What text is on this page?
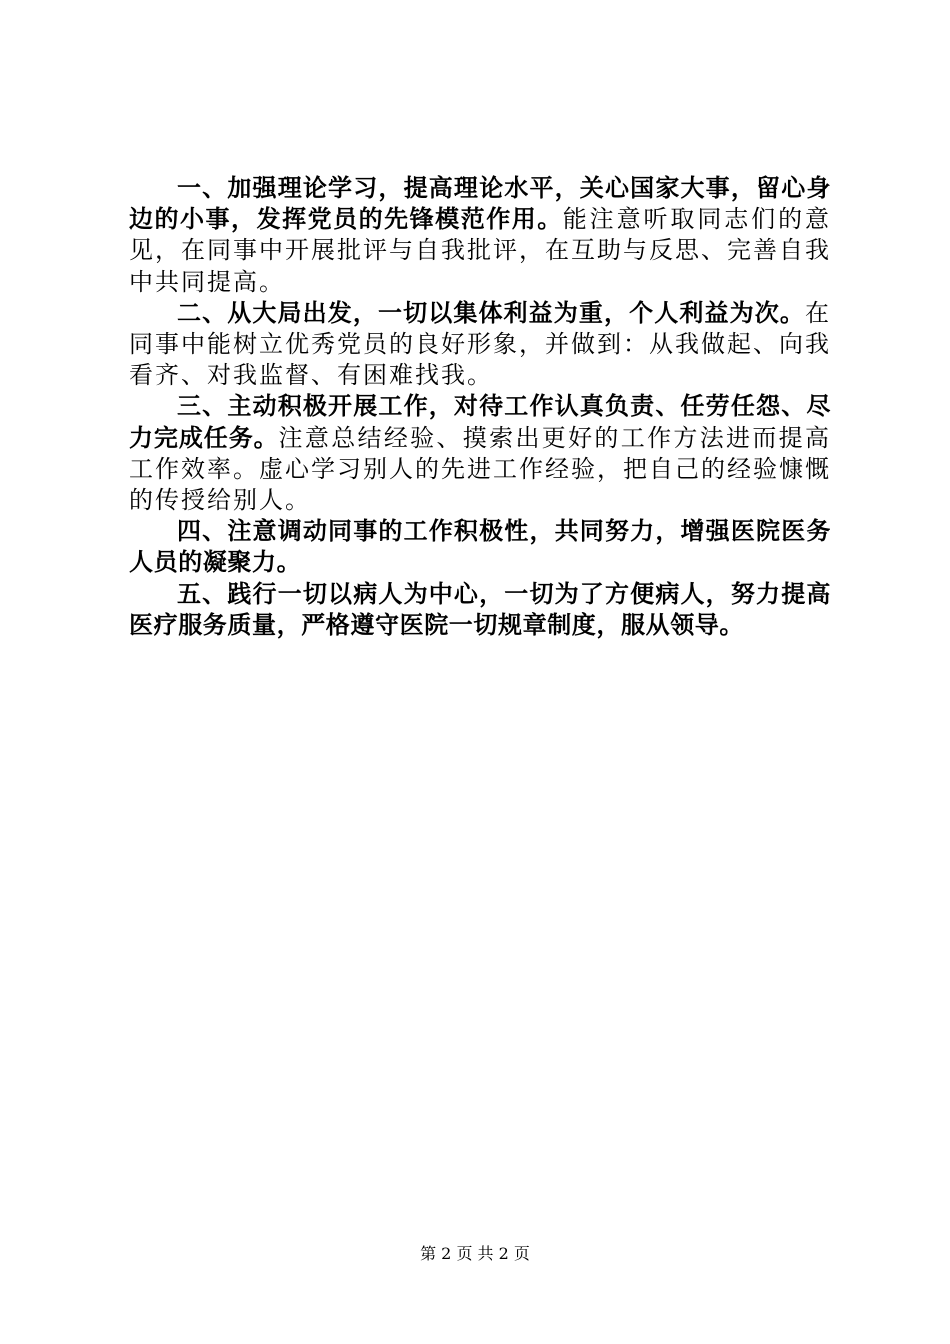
一、加强理论学习，提高理论水平，关心国家大事，留心身边的小事，发挥党员的先锋模范作用。能注意听取同志们的意见，在同事中开展批评与自我批评，在互助与反思、完善自我中共同提高。

二、从大局出发，一切以集体利益为重，个人利益为次。在同事中能树立优秀党员的良好形象，并做到：从我做起、向我看齐、对我监督、有困难找我。

三、主动积极开展工作，对待工作认真负责、任劳任怨、尽力完成任务。注意总结经验、摸索出更好的工作方法进而提高工作效率。虚心学习别人的先进工作经验，把自己的经验慷慨的传授给别人。

四、注意调动同事的工作积极性，共同努力，增强医院医务人员的凝聚力。

五、践行一切以病人为中心，一切为了方便病人，努力提高医疗服务质量，严格遵守医院一切规章制度，服从领导。

第 2 页 共 2 页
